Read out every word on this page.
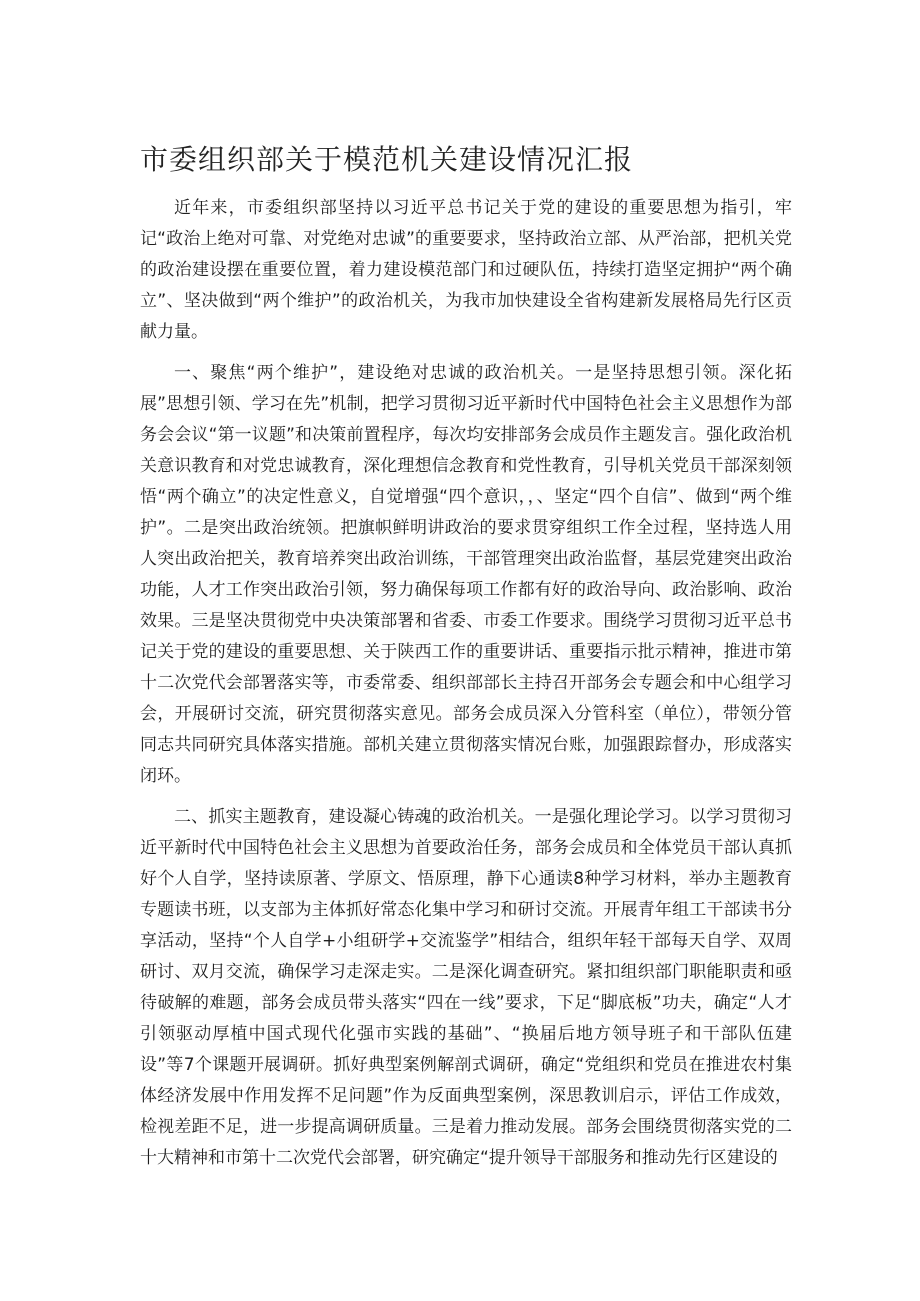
市委组织部关于模范机关建设情况汇报

近年来，市委组织部坚持以习近平总书记关于党的建设的重要思想为指引，牢记“政治上绝对可靠、对党绝对忠诚”的重要要求，坚持政治立部、从严治部，把机关党的政治建设摆在重要位置，着力建设模范部门和过硬队伍，持续打造坚定拥护“两个确立”、坚决做到“两个维护”的政治机关，为我市加快建设全省构建新发展格局先行区贡献力量。

一、聚焦“两个维护”，建设绝对忠诚的政治机关。一是坚持思想引领。深化拓展”思想引领、学习在先”机制，把学习贯彻习近平新时代中国特色社会主义思想作为部务会会议“第一议题”和决策前置程序，每次均安排部务会成员作主题发言。强化政治机关意识教育和对党忠诚教育，深化理想信念教育和党性教育，引导机关党员干部深刻领悟“两个确立”的决定性意义，自觉增强“四个意识，，、坚定“四个自信”、做到“两个维护”。二是突出政治统领。把旗帜鲜明讲政治的要求贯穿组织工作全过程，坚持选人用人突出政治把关，教育培养突出政治训练，干部管理突出政治监督，基层党建突出政治功能，人才工作突出政治引领，努力确保每项工作都有好的政治导向、政治影响、政治效果。三是坚决贯彻党中央决策部署和省委、市委工作要求。围绕学习贯彻习近平总书记关于党的建设的重要思想、关于陕西工作的重要讲话、重要指示批示精神，推进市第十二次党代会部署落实等，市委常委、组织部部长主持召开部务会专题会和中心组学习会，开展研讨交流，研究贯彻落实意见。部务会成员深入分管科室（单位），带领分管同志共同研究具体落实措施。部机关建立贯彻落实情况台账，加强跟踪督办，形成落实闭环。

二、抓实主题教育，建设凝心铸魂的政治机关。一是强化理论学习。以学习贯彻习近平新时代中国特色社会主义思想为首要政治任务，部务会成员和全体党员干部认真抓好个人自学，坚持读原著、学原文、悟原理，静下心通读8种学习材料，举办主题教育专题读书班，以支部为主体抓好常态化集中学习和研讨交流。开展青年组工干部读书分享活动，坚持“个人自学+小组研学+交流鉴学”相结合，组织年轻干部每天自学、双周研讨、双月交流，确保学习走深走实。二是深化调查研究。紧扣组织部门职能职责和亟待破解的难题，部务会成员带头落实“四在一线”要求，下足“脚底板”功夫，确定“人才引领驱动厚植中国式现代化强市实践的基础”、“换届后地方领导班子和干部队伍建设”等7个课题开展调研。抓好典型案例解剖式调研，确定“党组织和党员在推进农村集体经济发展中作用发挥不足问题”作为反面典型案例，深思教训启示，评估工作成效，检视差距不足，进一步提高调研质量。三是着力推动发展。部务会围绕贯彻落实党的二十大精神和市第十二次党代会部署，研究确定“提升领导干部服务和推动先行区建设的
